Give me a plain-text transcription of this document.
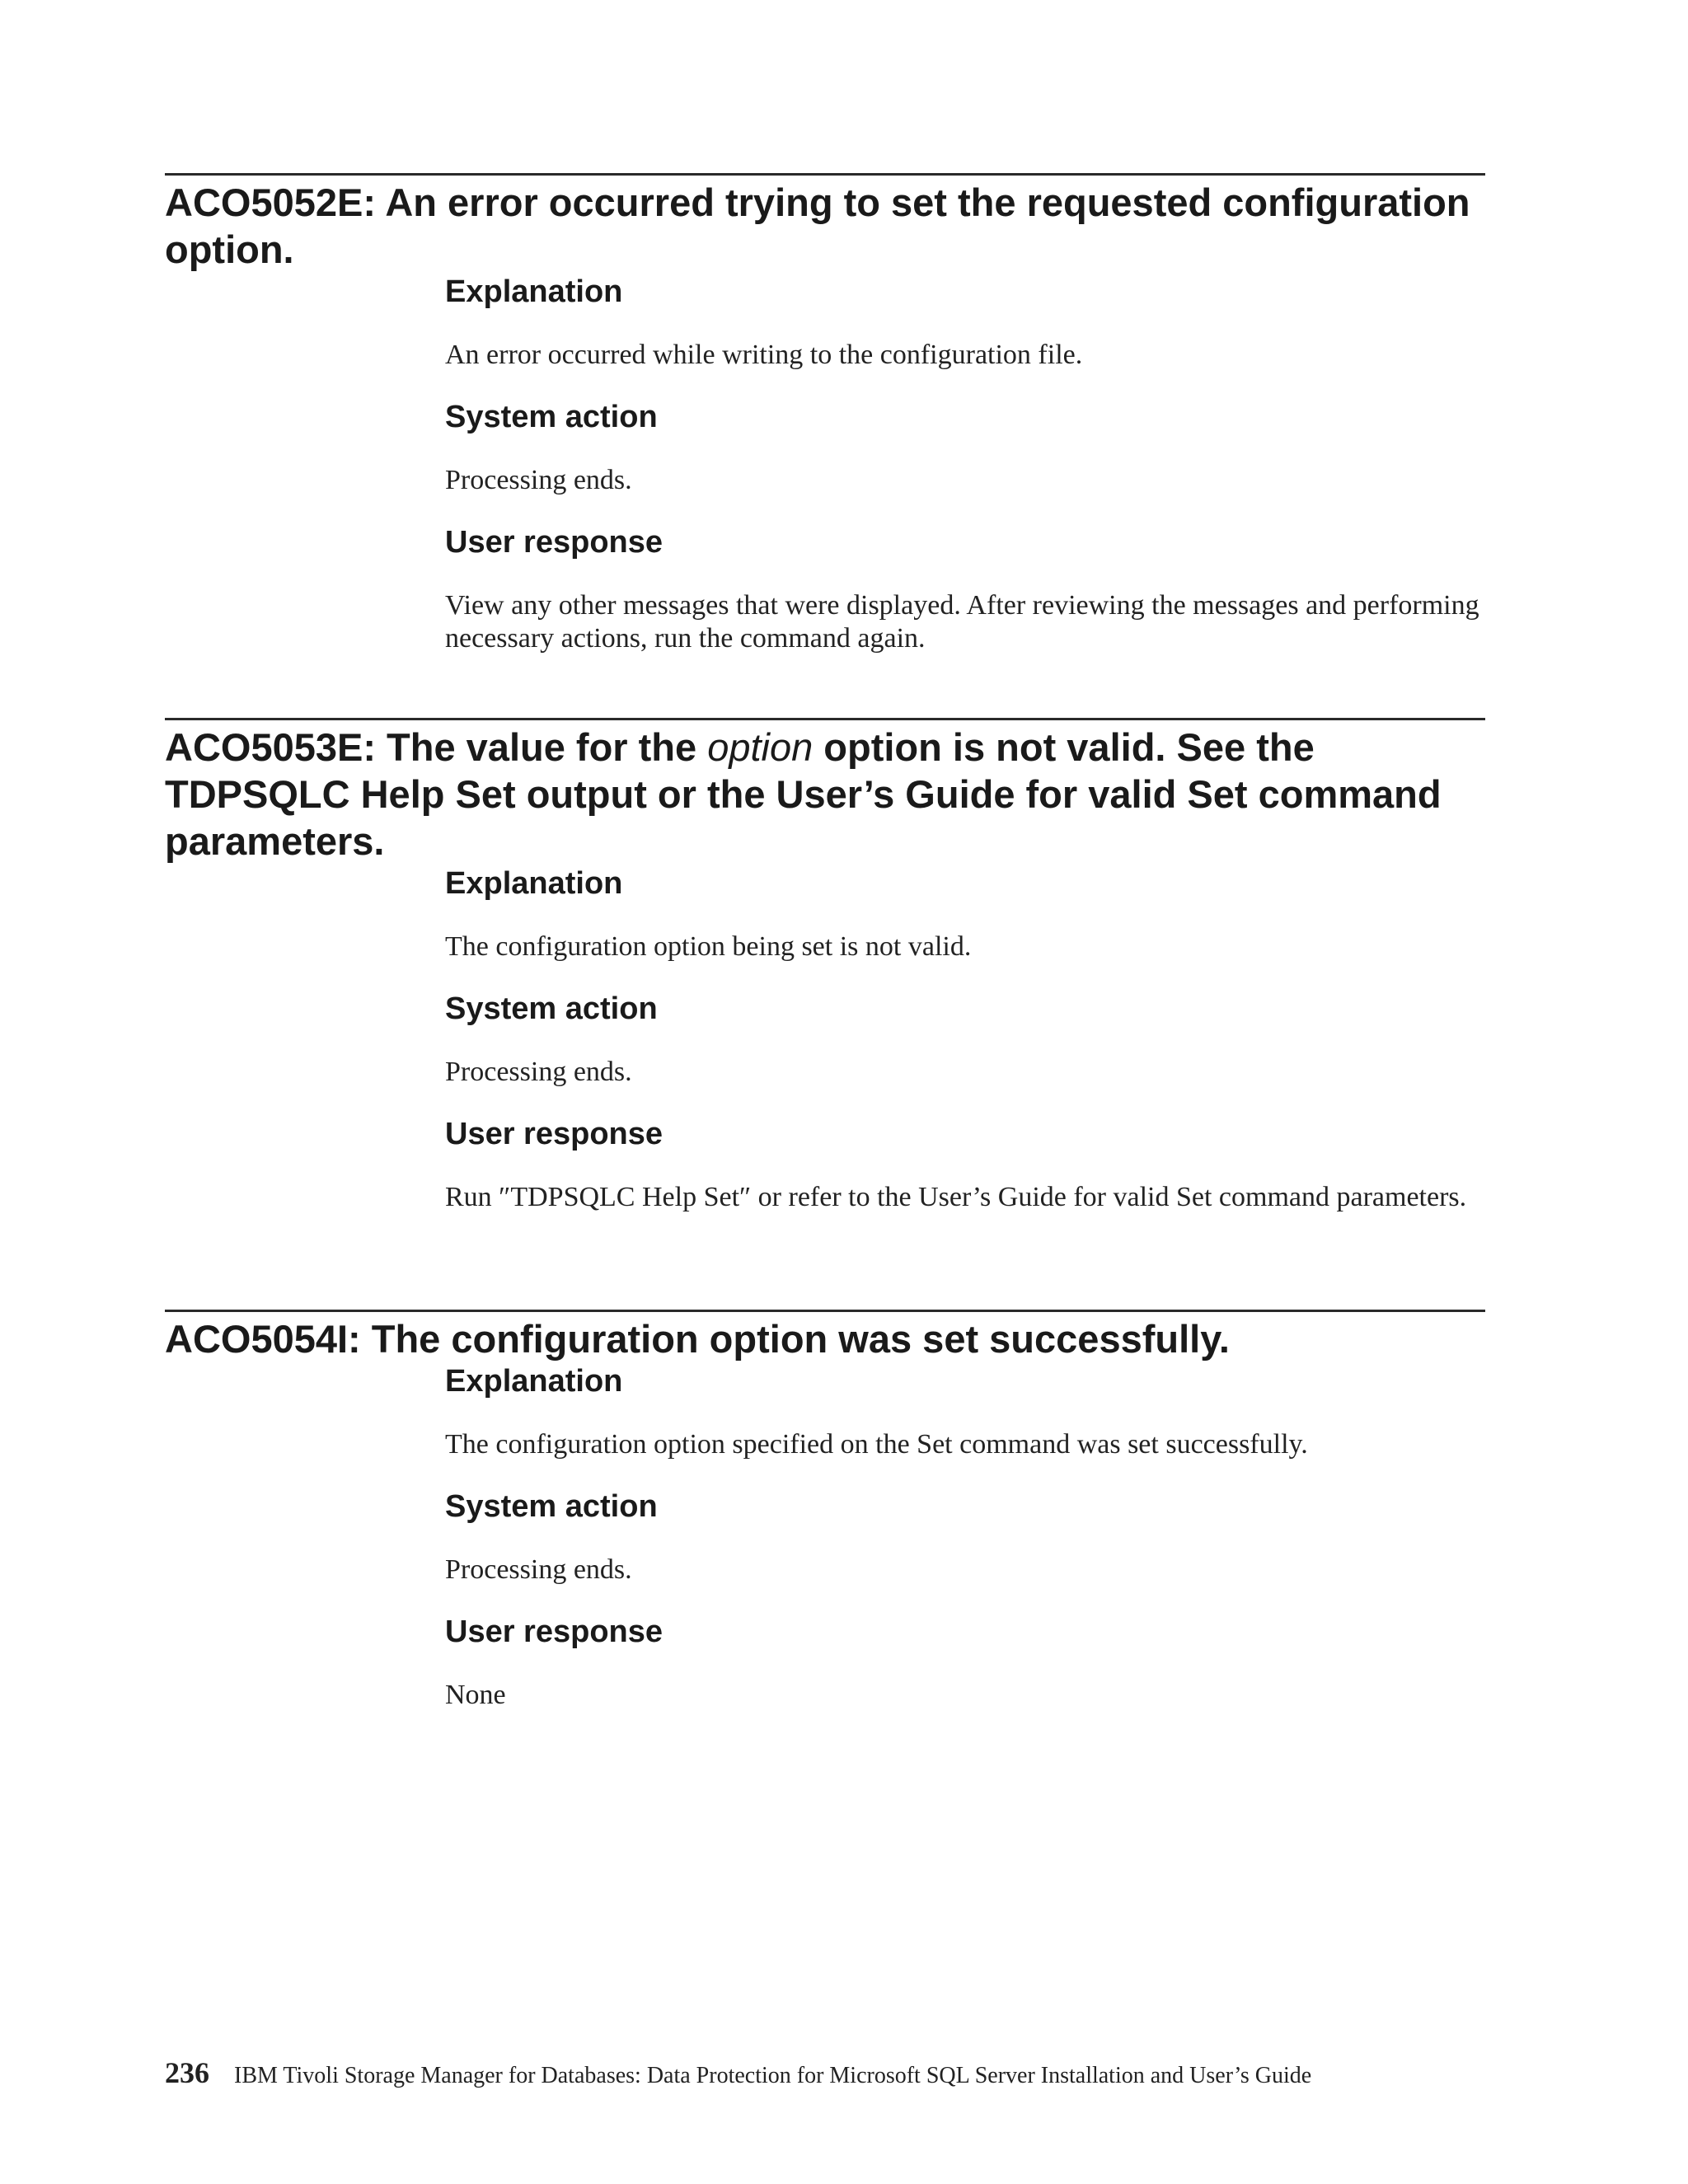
ACO5052E: An error occurred trying to set the requested configuration option.
Explanation

An error occurred while writing to the configuration file.

System action

Processing ends.

User response

View any other messages that were displayed. After reviewing the messages and performing necessary actions, run the command again.

ACO5053E: The value for the option option is not valid. See the TDPSQLC Help Set output or the User’s Guide for valid Set command parameters.
Explanation

The configuration option being set is not valid.

System action

Processing ends.

User response

Run ″TDPSQLC Help Set″ or refer to the User’s Guide for valid Set command parameters.

ACO5054I: The configuration option was set successfully.
Explanation

The configuration option specified on the Set command was set successfully.

System action

Processing ends.

User response

None

236 IBM Tivoli Storage Manager for Databases: Data Protection for Microsoft SQL Server Installation and User’s Guide
